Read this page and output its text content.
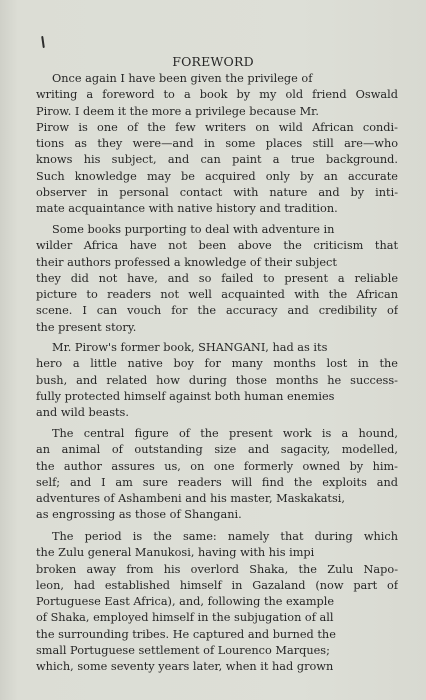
FOREWORD

Once again I have been given the privilege of
writing a foreword to a book by my old friend Oswald
Pirow. I deem it the more a privilege because Mr.
Pirow is one of the few writers on wild African condi-
tions as they were—and in some places still are—who
knows his subject, and can paint a true background.
Such knowledge may be acquired only by an accurate
observer in personal contact with nature and by inti-
mate acquaintance with native history and tradition.

Some books purporting to deal with adventure in
wilder Africa have not been above the criticism that
their authors professed a knowledge of their subject
they did not have, and so failed to present a reliable
picture to readers not well acquainted with the African
scene. I can vouch for the accuracy and credibility of
the present story.

Mr. Pirow's former book, SHANGANI, had as its
hero a little native boy for many months lost in the
bush, and related how during those months he success-
fully protected himself against both human enemies
and wild beasts.

The central figure of the present work is a hound,
an animal of outstanding size and sagacity, modelled,
the author assures us, on one formerly owned by him-
self; and I am sure readers will find the exploits and
adventures of Ashambeni and his master, Maskakatsi,
as engrossing as those of Shangani.

The period is the same: namely that during which
the Zulu general Manukosi, having with his impi
broken away from his overlord Shaka, the Zulu Napo-
leon, had established himself in Gazaland (now part of
Portuguese East Africa), and, following the example
of Shaka, employed himself in the subjugation of all
the surrounding tribes. He captured and burned the
small Portuguese settlement of Lourenco Marques;
which, some seventy years later, when it had grown
